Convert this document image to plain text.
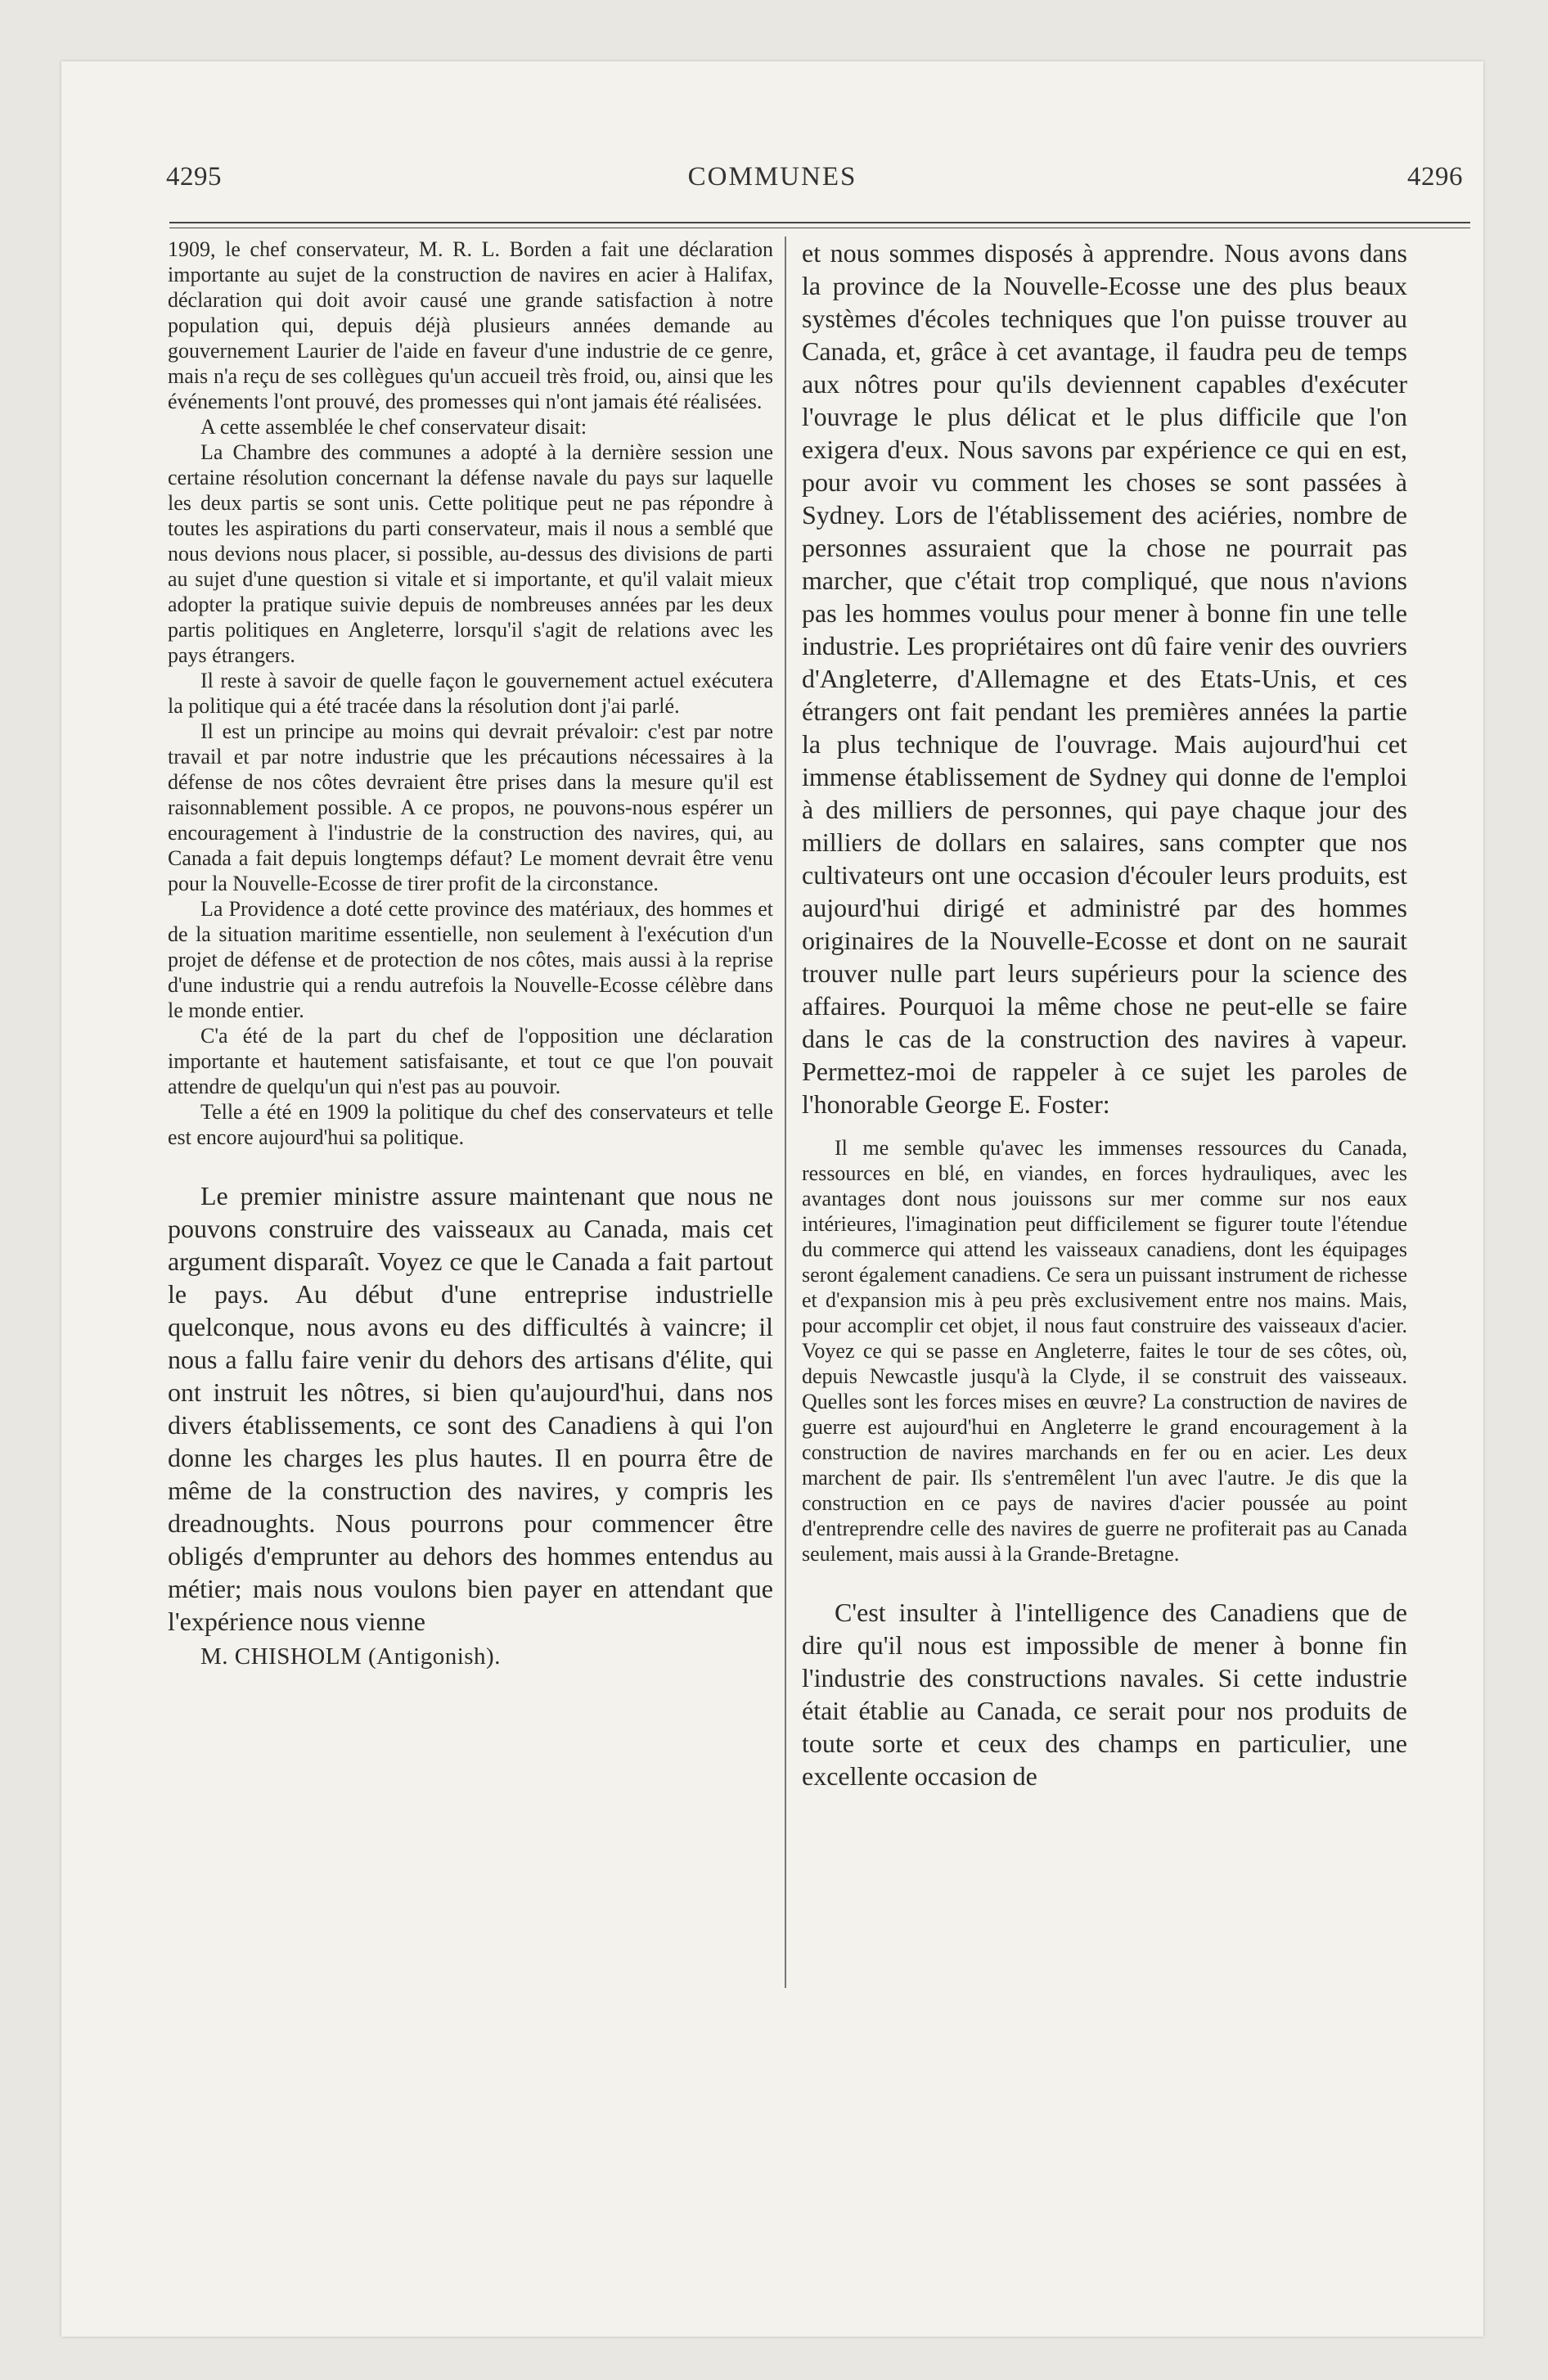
4295	COMMUNES	4296

1909, le chef conservateur, M. R. L. Borden a fait une déclaration importante au sujet de la construction de navires en acier à Halifax, déclaration qui doit avoir causé une grande satisfaction à notre population qui, depuis déjà plusieurs années demande au gouvernement Laurier de l'aide en faveur d'une industrie de ce genre, mais n'a reçu de ses collègues qu'un accueil très froid, ou, ainsi que les événements l'ont prouvé, des promesses qui n'ont jamais été réalisées.

A cette assemblée le chef conservateur disait:

La Chambre des communes a adopté à la dernière session une certaine résolution concernant la défense navale du pays sur laquelle les deux partis se sont unis. Cette politique peut ne pas répondre à toutes les aspirations du parti conservateur, mais il nous a semblé que nous devions nous placer, si possible, au-dessus des divisions de parti au sujet d'une question si vitale et si importante, et qu'il valait mieux adopter la pratique suivie depuis de nombreuses années par les deux partis politiques en Angleterre, lorsqu'il s'agit de relations avec les pays étrangers.

Il reste à savoir de quelle façon le gouvernement actuel exécutera la politique qui a été tracée dans la résolution dont j'ai parlé.

Il est un principe au moins qui devrait prévaloir: c'est par notre travail et par notre industrie que les précautions nécessaires à la défense de nos côtes devraient être prises dans la mesure qu'il est raisonnablement possible. A ce propos, ne pouvons-nous espérer un encouragement à l'industrie de la construction des navires, qui, au Canada a fait depuis longtemps défaut? Le moment devrait être venu pour la Nouvelle-Ecosse de tirer profit de la circonstance.

La Providence a doté cette province des matériaux, des hommes et de la situation maritime essentielle, non seulement à l'exécution d'un projet de défense et de protection de nos côtes, mais aussi à la reprise d'une industrie qui a rendu autrefois la Nouvelle-Ecosse célèbre dans le monde entier.

C'a été de la part du chef de l'opposition une déclaration importante et hautement satisfaisante, et tout ce que l'on pouvait attendre de quelqu'un qui n'est pas au pouvoir.

Telle a été en 1909 la politique du chef des conservateurs et telle est encore aujourd'hui sa politique.

Le premier ministre assure maintenant que nous ne pouvons construire des vaisseaux au Canada, mais cet argument disparaît. Voyez ce que le Canada a fait partout le pays. Au début d'une entreprise industrielle quelconque, nous avons eu des difficultés à vaincre; il nous a fallu faire venir du dehors des artisans d'élite, qui ont instruit les nôtres, si bien qu'aujourd'hui, dans nos divers établissements, ce sont des Canadiens à qui l'on donne les charges les plus hautes. Il en pourra être de même de la construction des navires, y compris les dreadnoughts. Nous pourrons pour commencer être obligés d'emprunter au dehors des hommes entendus au métier; mais nous voulons bien payer en attendant que l'expérience nous vienne

M. CHISHOLM (Antigonish).

et nous sommes disposés à apprendre. Nous avons dans la province de la Nouvelle-Ecosse une des plus beaux systèmes d'écoles techniques que l'on puisse trouver au Canada, et, grâce à cet avantage, il faudra peu de temps aux nôtres pour qu'ils deviennent capables d'exécuter l'ouvrage le plus délicat et le plus difficile que l'on exigera d'eux. Nous savons par expérience ce qui en est, pour avoir vu comment les choses se sont passées à Sydney. Lors de l'établissement des aciéries, nombre de personnes assuraient que la chose ne pourrait pas marcher, que c'était trop compliqué, que nous n'avions pas les hommes voulus pour mener à bonne fin une telle industrie. Les propriétaires ont dû faire venir des ouvriers d'Angleterre, d'Allemagne et des Etats-Unis, et ces étrangers ont fait pendant les premières années la partie la plus technique de l'ouvrage. Mais aujourd'hui cet immense établissement de Sydney qui donne de l'emploi à des milliers de personnes, qui paye chaque jour des milliers de dollars en salaires, sans compter que nos cultivateurs ont une occasion d'écouler leurs produits, est aujourd'hui dirigé et administré par des hommes originaires de la Nouvelle-Ecosse et dont on ne saurait trouver nulle part leurs supérieurs pour la science des affaires. Pourquoi la même chose ne peut-elle se faire dans le cas de la construction des navires à vapeur. Permettez-moi de rappeler à ce sujet les paroles de l'honorable George E. Foster:

Il me semble qu'avec les immenses ressources du Canada, ressources en blé, en viandes, en forces hydrauliques, avec les avantages dont nous jouissons sur mer comme sur nos eaux intérieures, l'imagination peut difficilement se figurer toute l'étendue du commerce qui attend les vaisseaux canadiens, dont les équipages seront également canadiens. Ce sera un puissant instrument de richesse et d'expansion mis à peu près exclusivement entre nos mains. Mais, pour accomplir cet objet, il nous faut construire des vaisseaux d'acier. Voyez ce qui se passe en Angleterre, faites le tour de ses côtes, où, depuis Newcastle jusqu'à la Clyde, il se construit des vaisseaux. Quelles sont les forces mises en œuvre? La construction de navires de guerre est aujourd'hui en Angleterre le grand encouragement à la construction de navires marchands en fer ou en acier. Les deux marchent de pair. Ils s'entremêlent l'un avec l'autre. Je dis que la construction en ce pays de navires d'acier poussée au point d'entreprendre celle des navires de guerre ne profiterait pas au Canada seulement, mais aussi à la Grande-Bretagne.

C'est insulter à l'intelligence des Canadiens que de dire qu'il nous est impossible de mener à bonne fin l'industrie des constructions navales. Si cette industrie était établie au Canada, ce serait pour nos produits de toute sorte et ceux des champs en particulier, une excellente occasion de
